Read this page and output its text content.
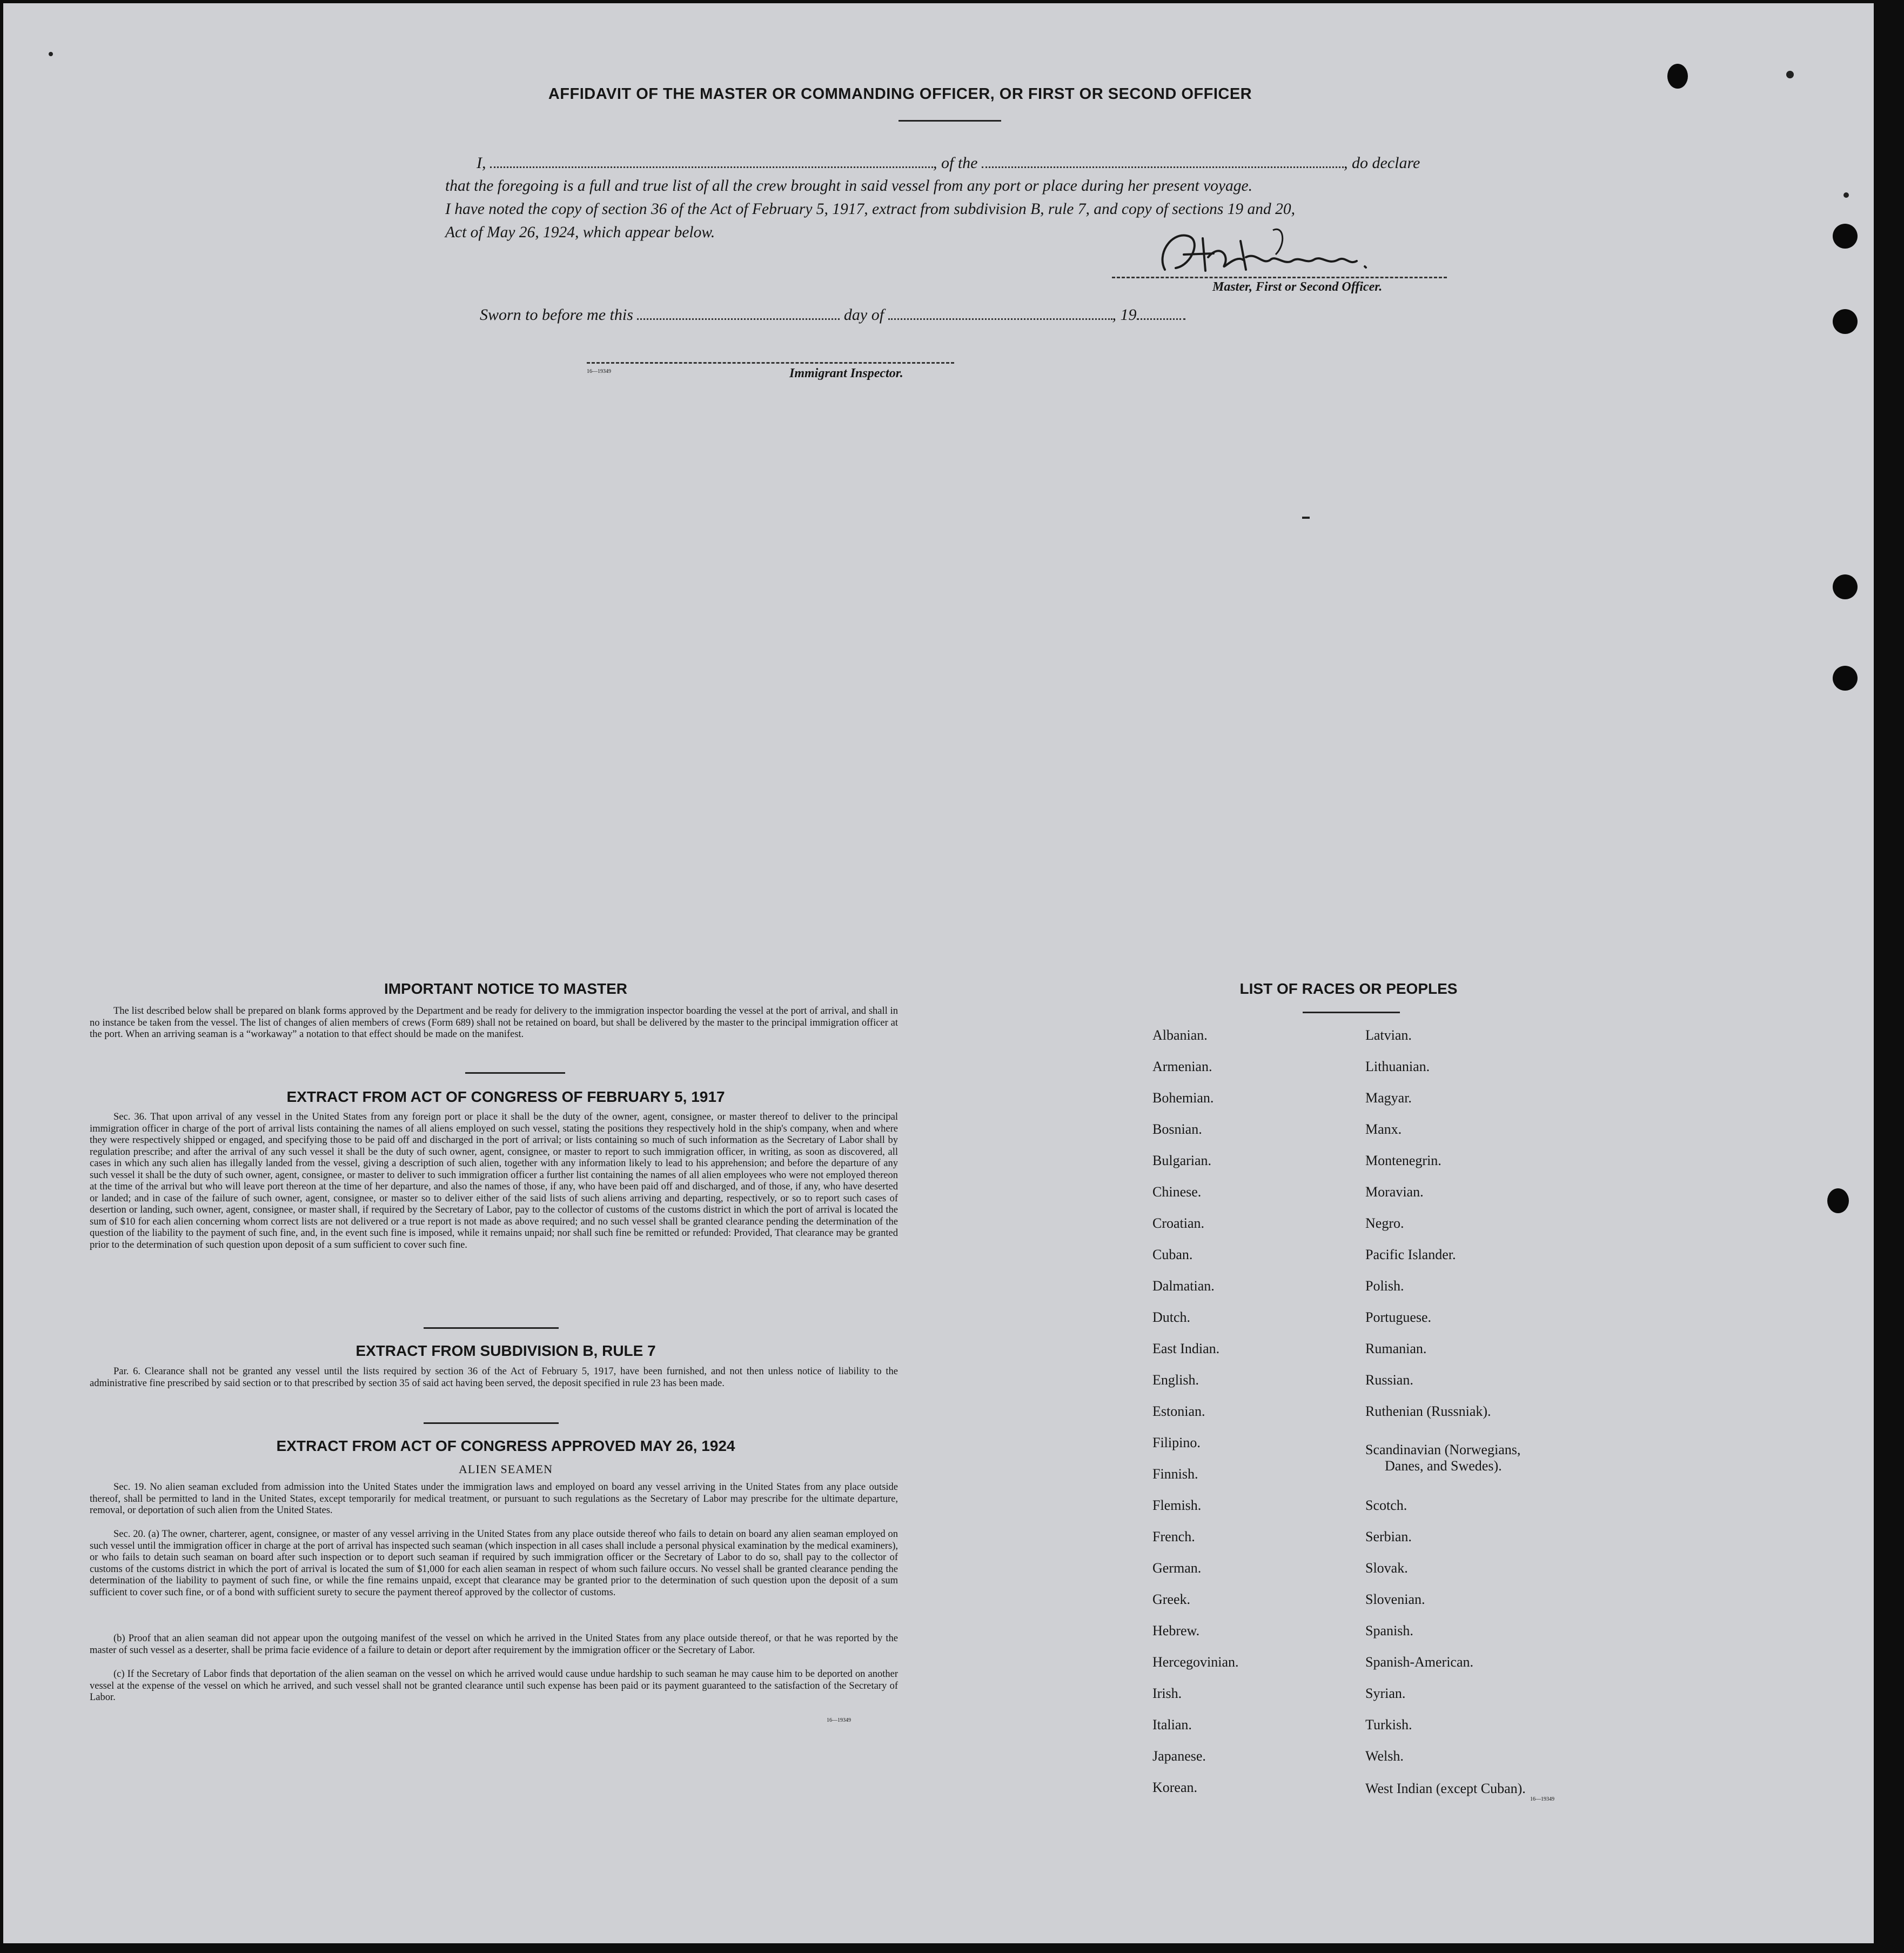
AFFIDAVIT OF THE MASTER OR COMMANDING OFFICER, OR FIRST OR SECOND OFFICER
I,	, of the	, do declare
that the foregoing is a full and true list of all the crew brought in said vessel from any port or place during her present voyage.
I have noted the copy of section 36 of the Act of February 5, 1917, extract from subdivision B, rule 7, and copy of sections 19 and 20,
Act of May 26, 1924, which appear below.
Master, First or Second Officer.
Sworn to before me this	day of	, 19
16—19349	Immigrant Inspector.
IMPORTANT NOTICE TO MASTER

The list described below shall be prepared on blank forms approved by the Department and be ready for delivery to the immigration inspector boarding the vessel at the port of arrival, and shall in no instance be taken from the vessel. The list of changes of alien members of crews (Form 689) shall not be retained on board, but shall be delivered by the master to the principal immigration officer at the port. When an arriving seaman is a “workaway” a notation to that effect should be made on the manifest.

EXTRACT FROM ACT OF CONGRESS OF FEBRUARY 5, 1917

Sec. 36. That upon arrival of any vessel in the United States from any foreign port or place it shall be the duty of the owner, agent, consignee, or master thereof to deliver to the principal immigration officer in charge of the port of arrival lists containing the names of all aliens employed on such vessel, stating the positions they respectively hold in the ship's company, when and where they were respectively shipped or engaged, and specifying those to be paid off and discharged in the port of arrival; or lists containing so much of such information as the Secretary of Labor shall by regulation prescribe; and after the arrival of any such vessel it shall be the duty of such owner, agent, consignee, or master to report to such immigration officer, in writing, as soon as discovered, all cases in which any such alien has illegally landed from the vessel, giving a description of such alien, together with any information likely to lead to his apprehension; and before the departure of any such vessel it shall be the duty of such owner, agent, consignee, or master to deliver to such immigration officer a further list containing the names of all alien employees who were not employed thereon at the time of the arrival but who will leave port thereon at the time of her departure, and also the names of those, if any, who have been paid off and discharged, and of those, if any, who have deserted or landed; and in case of the failure of such owner, agent, consignee, or master so to deliver either of the said lists of such aliens arriving and departing, respectively, or so to report such cases of desertion or landing, such owner, agent, consignee, or master shall, if required by the Secretary of Labor, pay to the collector of customs of the customs district in which the port of arrival is located the sum of $10 for each alien concerning whom correct lists are not delivered or a true report is not made as above required; and no such vessel shall be granted clearance pending the determination of the question of the liability to the payment of such fine, and, in the event such fine is imposed, while it remains unpaid; nor shall such fine be remitted or refunded: Provided, That clearance may be granted prior to the determination of such question upon deposit of a sum sufficient to cover such fine.

EXTRACT FROM SUBDIVISION B, RULE 7

Par. 6. Clearance shall not be granted any vessel until the lists required by section 36 of the Act of February 5, 1917, have been furnished, and not then unless notice of liability to the administrative fine prescribed by said section or to that prescribed by section 35 of said act having been served, the deposit specified in rule 23 has been made.

EXTRACT FROM ACT OF CONGRESS APPROVED MAY 26, 1924
ALIEN SEAMEN

Sec. 19. No alien seaman excluded from admission into the United States under the immigration laws and employed on board any vessel arriving in the United States from any place outside thereof, shall be permitted to land in the United States, except temporarily for medical treatment, or pursuant to such regulations as the Secretary of Labor may prescribe for the ultimate departure, removal, or deportation of such alien from the United States.

Sec. 20. (a) The owner, charterer, agent, consignee, or master of any vessel arriving in the United States from any place outside thereof who fails to detain on board any alien seaman employed on such vessel until the immigration officer in charge at the port of arrival has inspected such seaman (which inspection in all cases shall include a personal physical examination by the medical examiners), or who fails to detain such seaman on board after such inspection or to deport such seaman if required by such immigration officer or the Secretary of Labor to do so, shall pay to the collector of customs of the customs district in which the port of arrival is located the sum of $1,000 for each alien seaman in respect of whom such failure occurs. No vessel shall be granted clearance pending the determination of the liability to payment of such fine, or while the fine remains unpaid, except that clearance may be granted prior to the determination of such question upon the deposit of a sum sufficient to cover such fine, or of a bond with sufficient surety to secure the payment thereof approved by the collector of customs.

(b) Proof that an alien seaman did not appear upon the outgoing manifest of the vessel on which he arrived in the United States from any place outside thereof, or that he was reported by the master of such vessel as a deserter, shall be prima facie evidence of a failure to detain or deport after requirement by the immigration officer or the Secretary of Labor.

(c) If the Secretary of Labor finds that deportation of the alien seaman on the vessel on which he arrived would cause undue hardship to such seaman he may cause him to be deported on another vessel at the expense of the vessel on which he arrived, and such vessel shall not be granted clearance until such expense has been paid or its payment guaranteed to the satisfaction of the Secretary of Labor.

16—19349
LIST OF RACES OR PEOPLES
Albanian.
Armenian.
Bohemian.
Bosnian.
Bulgarian.
Chinese.
Croatian.
Cuban.
Dalmatian.
Dutch.
East Indian.
English.
Estonian.
Filipino.
Finnish.
Flemish.
French.
German.
Greek.
Hebrew.
Hercegovinian.
Irish.
Italian.
Japanese.
Korean.
Latvian.
Lithuanian.
Magyar.
Manx.
Montenegrin.
Moravian.
Negro.
Pacific Islander.
Polish.
Portuguese.
Rumanian.
Russian.
Ruthenian (Russniak).
Scandinavian (Norwegians,
Danes, and Swedes).
Scotch.
Serbian.
Slovak.
Slovenian.
Spanish.
Spanish-American.
Syrian.
Turkish.
Welsh.
West Indian (except Cuban).
16—19349
